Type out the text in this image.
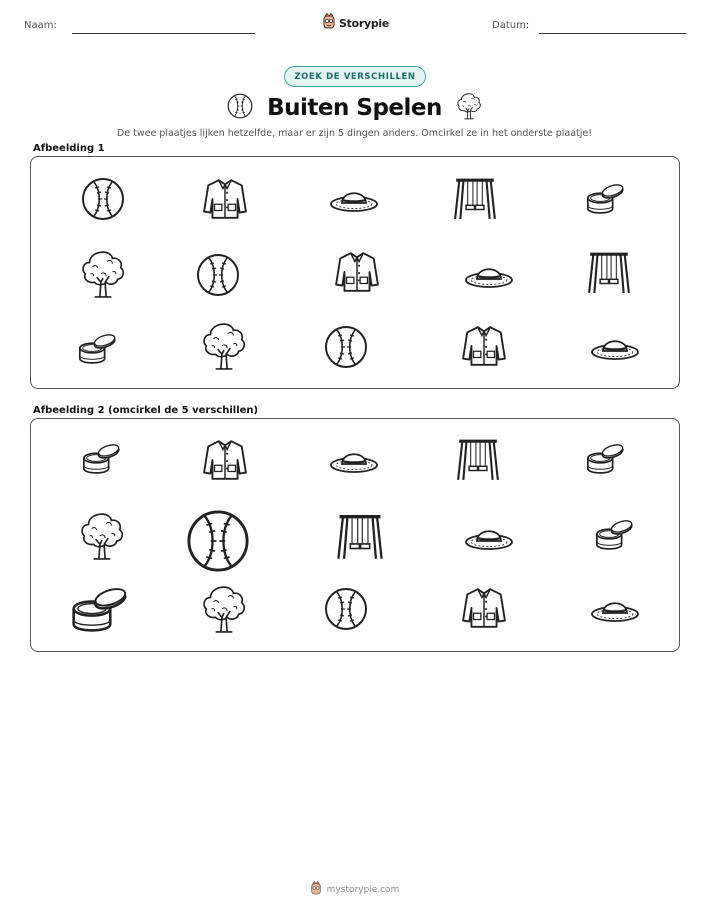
Naam:	Datum:
Storypie
ZOEK DE VERSCHILLEN
Buiten Spelen
De twee plaatjes lijken hetzelfde, maar er zijn 5 dingen anders. Omcirkel ze in het onderste plaatje!
Afbeelding 1
Afbeelding 2 (omcirkel de 5 verschillen)
mystorypie.com
